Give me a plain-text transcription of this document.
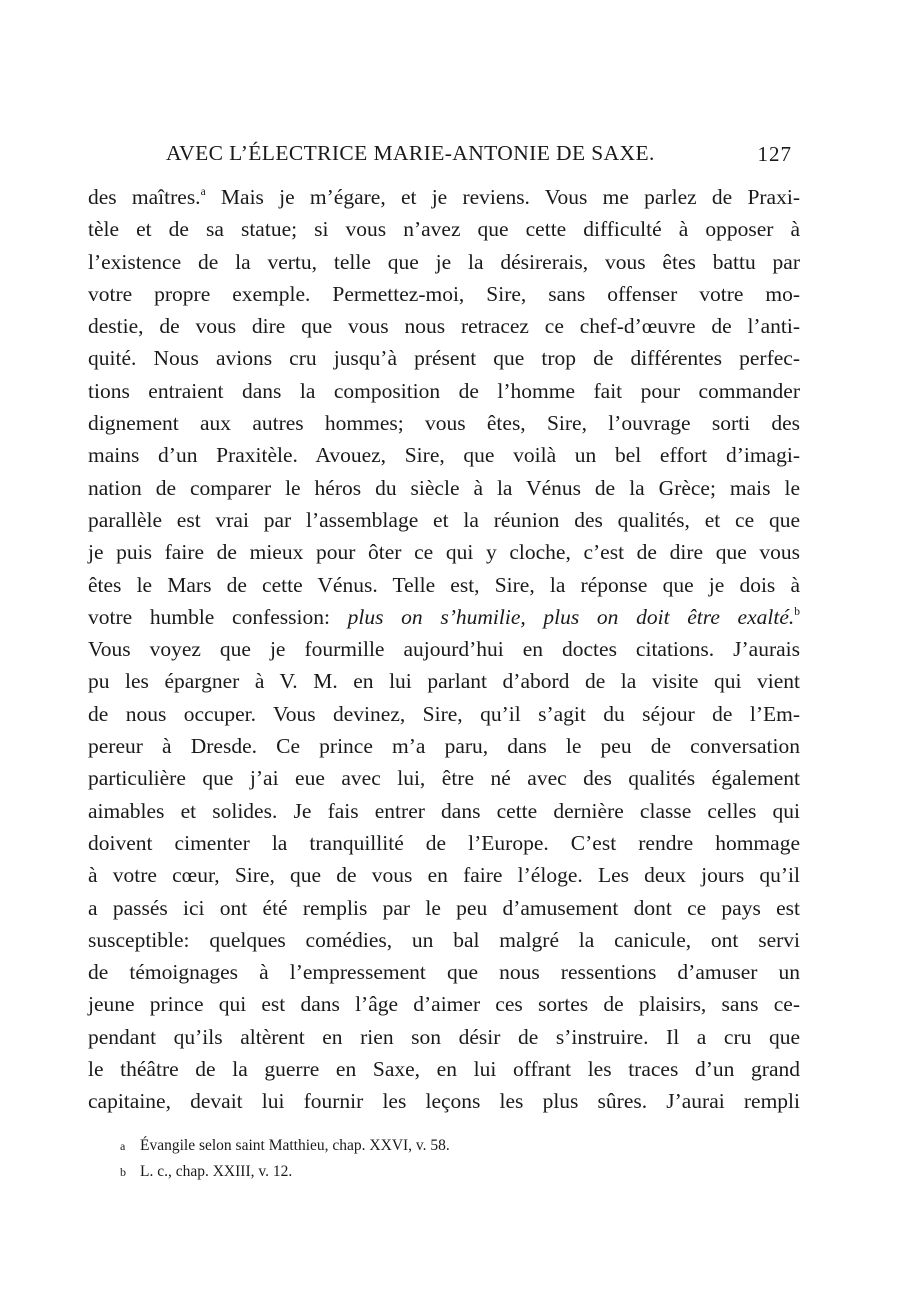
AVEC L’ÉLECTRICE MARIE-ANTONIE DE SAXE.	127
des maîtres.$^a$ Mais je m’égare, et je reviens. Vous me parlez de Praxi-
tèle et de sa statue; si vous n’avez que cette difficulté à opposer à
l’existence de la vertu, telle que je la désirerais, vous êtes battu par
votre propre exemple. Permettez-moi, Sire, sans offenser votre mo-
destie, de vous dire que vous nous retracez ce chef-d’œuvre de l’anti-
quité. Nous avions cru jusqu’à présent que trop de différentes perfec-
tions entraient dans la composition de l’homme fait pour commander
dignement aux autres hommes; vous êtes, Sire, l’ouvrage sorti des
mains d’un Praxitèle. Avouez, Sire, que voilà un bel effort d’imagi-
nation de comparer le héros du siècle à la Vénus de la Grèce; mais le
parallèle est vrai par l’assemblage et la réunion des qualités, et ce que
je puis faire de mieux pour ôter ce qui y cloche, c’est de dire que vous
êtes le Mars de cette Vénus. Telle est, Sire, la réponse que je dois à
votre humble confession: plus on s’humilie, plus on doit être exalté.$^b$
Vous voyez que je fourmille aujourd’hui en doctes citations. J’aurais
pu les épargner à V. M. en lui parlant d’abord de la visite qui vient
de nous occuper. Vous devinez, Sire, qu’il s’agit du séjour de l’Em-
pereur à Dresde. Ce prince m’a paru, dans le peu de conversation
particulière que j’ai eue avec lui, être né avec des qualités également
aimables et solides. Je fais entrer dans cette dernière classe celles qui
doivent cimenter la tranquillité de l’Europe. C’est rendre hommage
à votre cœur, Sire, que de vous en faire l’éloge. Les deux jours qu’il
a passés ici ont été remplis par le peu d’amusement dont ce pays est
susceptible: quelques comédies, un bal malgré la canicule, ont servi
de témoignages à l’empressement que nous ressentions d’amuser un
jeune prince qui est dans l’âge d’aimer ces sortes de plaisirs, sans ce-
pendant qu’ils altèrent en rien son désir de s’instruire. Il a cru que
le théâtre de la guerre en Saxe, en lui offrant les traces d’un grand
capitaine, devait lui fournir les leçons les plus sûres. J’aurai rempli
a Évangile selon saint Matthieu, chap. XXVI, v. 58.
b L. c., chap. XXIII, v. 12.
